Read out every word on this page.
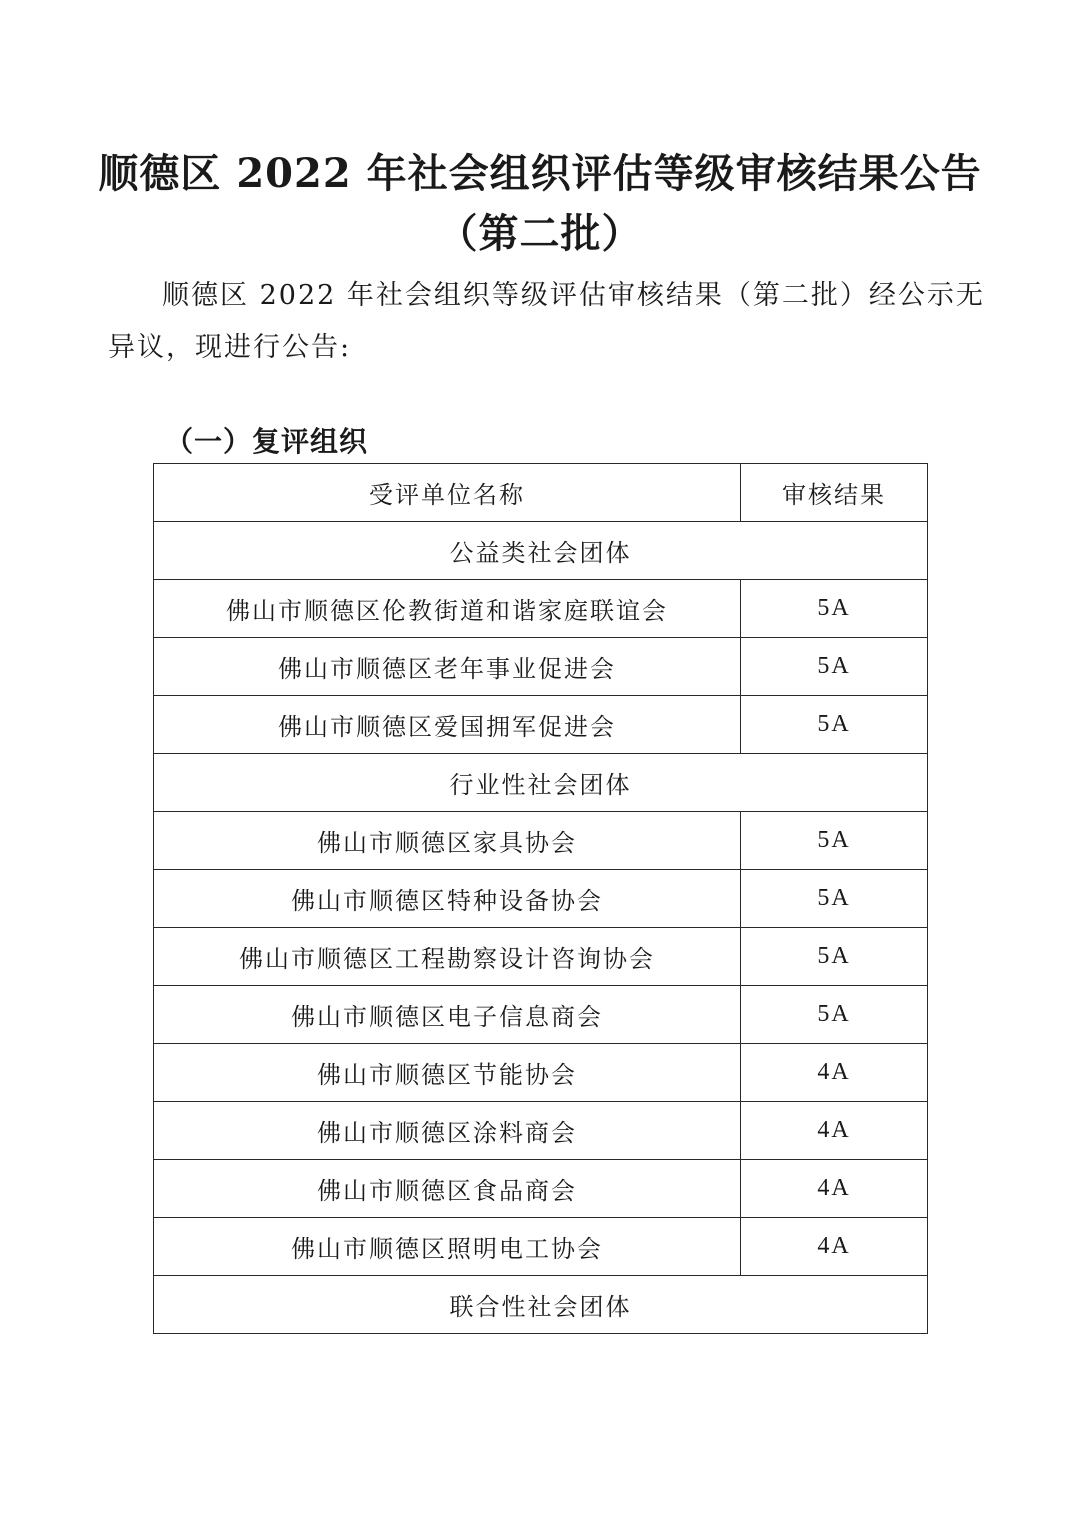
顺德区 2022 年社会组织评估等级审核结果公告
（第二批）

顺德区 2022 年社会组织等级评估审核结果（第二批）经公示无异议，现进行公告:

（一）复评组织
受评单位名称	审核结果
公益类社会团体	
佛山市顺德区伦教街道和谐家庭联谊会	5A
佛山市顺德区老年事业促进会	5A
佛山市顺德区爱国拥军促进会	5A
行业性社会团体	
佛山市顺德区家具协会	5A
佛山市顺德区特种设备协会	5A
佛山市顺德区工程勘察设计咨询协会	5A
佛山市顺德区电子信息商会	5A
佛山市顺德区节能协会	4A
佛山市顺德区涂料商会	4A
佛山市顺德区食品商会	4A
佛山市顺德区照明电工协会	4A
联合性社会团体	
